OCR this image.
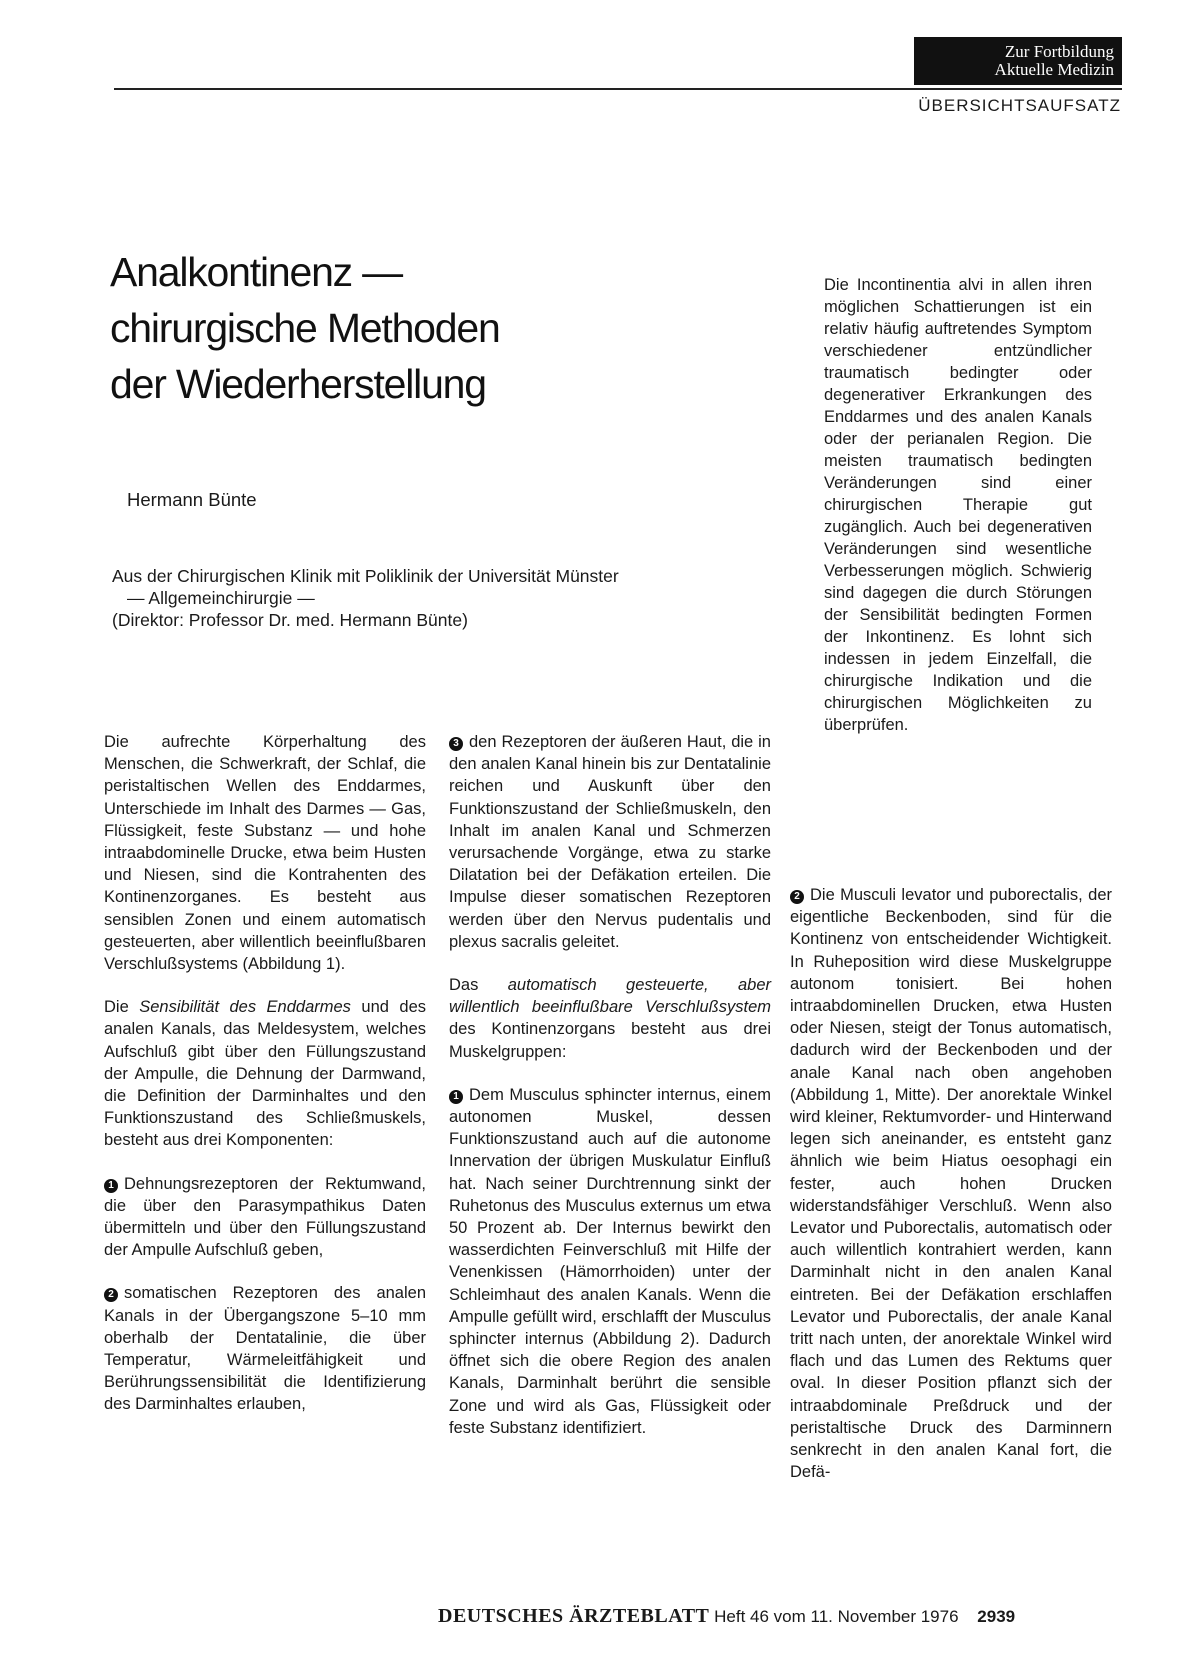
Zur Fortbildung
Aktuelle Medizin
ÜBERSICHTSAUFSATZ
Analkontinenz —
chirurgische Methoden
der Wiederherstellung
Hermann Bünte
Aus der Chirurgischen Klinik mit Poliklinik der Universität Münster
— Allgemeinchirurgie —
(Direktor: Professor Dr. med. Hermann Bünte)

Die Incontinentia alvi in allen ihren möglichen Schattierungen ist ein relativ häufig auftretendes Symptom verschiedener entzündlicher traumatisch bedingter oder degenerativer Erkrankungen des Enddarmes und des analen Kanals oder der perianalen Region. Die meisten traumatisch bedingten Veränderungen sind einer chirurgischen Therapie gut zugänglich. Auch bei degenerativen Veränderungen sind wesentliche Verbesserungen möglich. Schwierig sind dagegen die durch Störungen der Sensibilität bedingten Formen der Inkontinenz. Es lohnt sich indessen in jedem Einzelfall, die chirurgische Indikation und die chirurgischen Möglichkeiten zu überprüfen.

Die aufrechte Körperhaltung des Menschen, die Schwerkraft, der Schlaf, die peristaltischen Wellen des Enddarmes, Unterschiede im Inhalt des Darmes — Gas, Flüssigkeit, feste Substanz — und hohe intraabdominelle Drucke, etwa beim Husten und Niesen, sind die Kontrahenten des Kontinenzorganes. Es besteht aus sensiblen Zonen und einem automatisch gesteuerten, aber willentlich beeinflußbaren Verschlußsystems (Abbildung 1).

Die Sensibilität des Enddarmes und des analen Kanals, das Meldesystem, welches Aufschluß gibt über den Füllungszustand der Ampulle, die Dehnung der Darmwand, die Definition der Darminhaltes und den Funktionszustand des Schließmuskels, besteht aus drei Komponenten:

1 Dehnungsrezeptoren der Rektumwand, die über den Parasympathikus Daten übermitteln und über den Füllungszustand der Ampulle Aufschluß geben,

2 somatischen Rezeptoren des analen Kanals in der Übergangszone 5–10 mm oberhalb der Dentatalinie, die über Temperatur, Wärmeleitfähigkeit und Berührungssensibilität die Identifizierung des Darminhaltes erlauben,

3 den Rezeptoren der äußeren Haut, die in den analen Kanal hinein bis zur Dentatalinie reichen und Auskunft über den Funktionszustand der Schließmuskeln, den Inhalt im analen Kanal und Schmerzen verursachende Vorgänge, etwa zu starke Dilatation bei der Defäkation erteilen. Die Impulse dieser somatischen Rezeptoren werden über den Nervus pudentalis und plexus sacralis geleitet.

Das automatisch gesteuerte, aber willentlich beeinflußbare Verschlußsystem des Kontinenzorgans besteht aus drei Muskelgruppen:

1 Dem Musculus sphincter internus, einem autonomen Muskel, dessen Funktionszustand auch auf die autonome Innervation der übrigen Muskulatur Einfluß hat. Nach seiner Durchtrennung sinkt der Ruhetonus des Musculus externus um etwa 50 Prozent ab. Der Internus bewirkt den wasserdichten Feinverschluß mit Hilfe der Venenkissen (Hämorrhoiden) unter der Schleimhaut des analen Kanals. Wenn die Ampulle gefüllt wird, erschlafft der Musculus sphincter internus (Abbildung 2). Dadurch öffnet sich die obere Region des analen Kanals, Darminhalt berührt die sensible Zone und wird als Gas, Flüssigkeit oder feste Substanz identifiziert.

2 Die Musculi levator und puborectalis, der eigentliche Beckenboden, sind für die Kontinenz von entscheidender Wichtigkeit. In Ruheposition wird diese Muskelgruppe autonom tonisiert. Bei hohen intraabdominellen Drucken, etwa Husten oder Niesen, steigt der Tonus automatisch, dadurch wird der Beckenboden und der anale Kanal nach oben angehoben (Abbildung 1, Mitte). Der anorektale Winkel wird kleiner, Rektumvorder- und Hinterwand legen sich aneinander, es entsteht ganz ähnlich wie beim Hiatus oesophagi ein fester, auch hohen Drucken widerstandsfähiger Verschluß. Wenn also Levator und Puborectalis, automatisch oder auch willentlich kontrahiert werden, kann Darminhalt nicht in den analen Kanal eintreten. Bei der Defäkation erschlaffen Levator und Puborectalis, der anale Kanal tritt nach unten, der anorektale Winkel wird flach und das Lumen des Rektums quer oval. In dieser Position pflanzt sich der intraabdominale Preßdruck und der peristaltische Druck des Darminnern senkrecht in den analen Kanal fort, die Defä-

DEUTSCHES ÄRZTEBLATT Heft 46 vom 11. November 1976 2939
